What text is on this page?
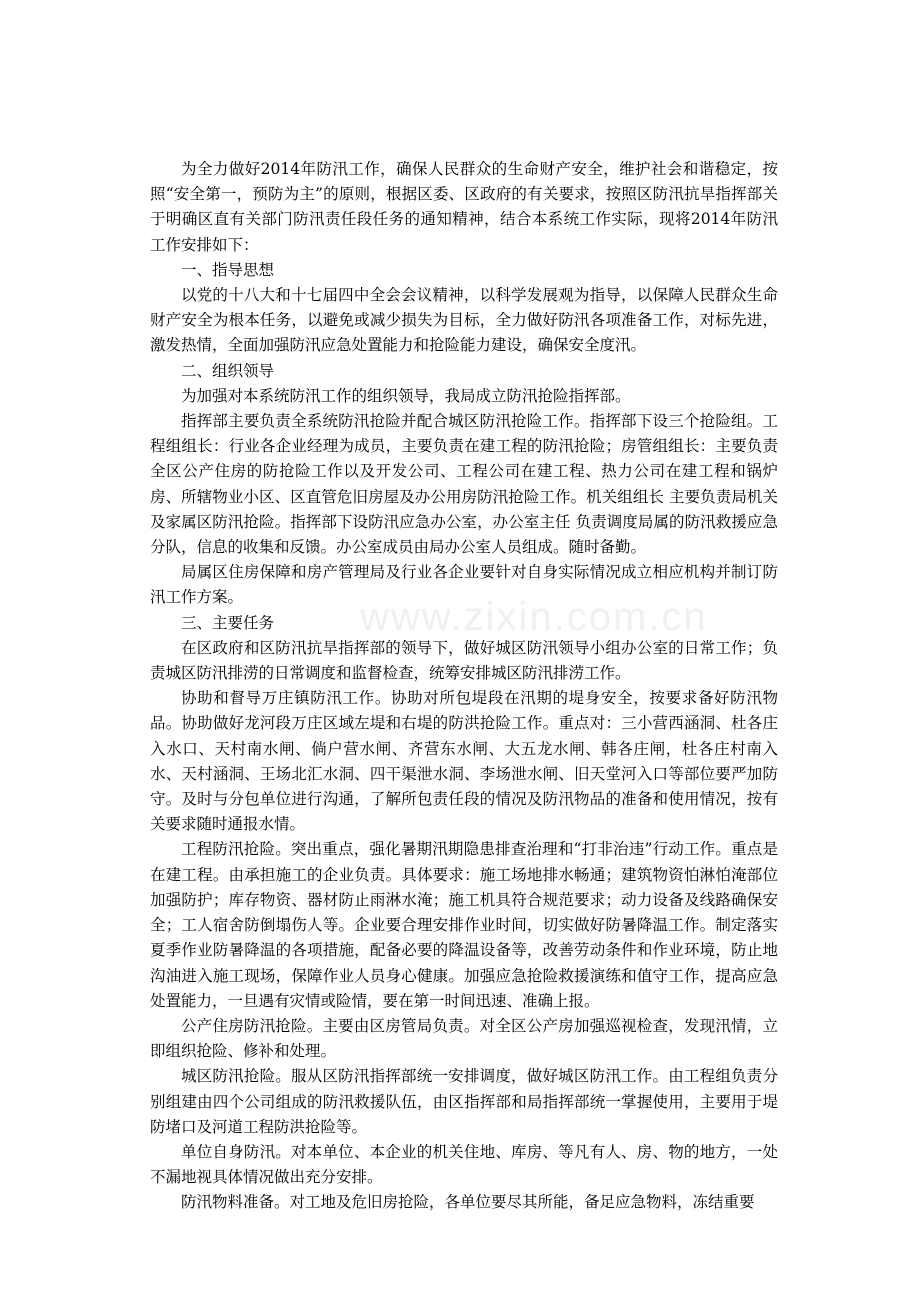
www.zixin.com.cn

为全力做好2014年防汛工作，确保人民群众的生命财产安全，维护社会和谐稳定，按照“安全第一，预防为主”的原则，根据区委、区政府的有关要求，按照区防汛抗旱指挥部关于明确区直有关部门防汛责任段任务的通知精神，结合本系统工作实际，现将2014年防汛工作安排如下：

一、指导思想

以党的十八大和十七届四中全会会议精神，以科学发展观为指导，以保障人民群众生命财产安全为根本任务，以避免或减少损失为目标，全力做好防汛各项准备工作，对标先进，激发热情，全面加强防汛应急处置能力和抢险能力建设，确保安全度汛。

二、组织领导

为加强对本系统防汛工作的组织领导，我局成立防汛抢险指挥部。

指挥部主要负责全系统防汛抢险并配合城区防汛抢险工作。指挥部下设三个抢险组。工程组组长：行业各企业经理为成员，主要负责在建工程的防汛抢险；房管组组长：主要负责全区公产住房的防抢险工作以及开发公司、工程公司在建工程、热力公司在建工程和锅炉房、所辖物业小区、区直管危旧房屋及办公用房防汛抢险工作。机关组组长 主要负责局机关及家属区防汛抢险。指挥部下设防汛应急办公室，办公室主任 负责调度局属的防汛救援应急分队，信息的收集和反馈。办公室成员由局办公室人员组成。随时备勤。

局属区住房保障和房产管理局及行业各企业要针对自身实际情况成立相应机构并制订防汛工作方案。

三、主要任务

在区政府和区防汛抗旱指挥部的领导下，做好城区防汛领导小组办公室的日常工作；负责城区防汛排涝的日常调度和监督检查，统筹安排城区防汛排涝工作。

协助和督导万庄镇防汛工作。协助对所包堤段在汛期的堤身安全，按要求备好防汛物品。协助做好龙河段万庄区域左堤和右堤的防洪抢险工作。重点对：三小营西涵洞、杜各庄入水口、天村南水闸、倘户营水闸、齐营东水闸、大五龙水闸、韩各庄闸，杜各庄村南入水、天村涵洞、王场北汇水洞、四干渠泄水洞、李场泄水闸、旧天堂河入口等部位要严加防守。及时与分包单位进行沟通，了解所包责任段的情况及防汛物品的准备和使用情况，按有关要求随时通报水情。

工程防汛抢险。突出重点，强化暑期汛期隐患排查治理和“打非治违”行动工作。重点是在建工程。由承担施工的企业负责。具体要求：施工场地排水畅通；建筑物资怕淋怕淹部位加强防护；库存物资、器材防止雨淋水淹；施工机具符合规范要求；动力设备及线路确保安全；工人宿舍防倒塌伤人等。企业要合理安排作业时间，切实做好防暑降温工作。制定落实夏季作业防暑降温的各项措施，配备必要的降温设备等，改善劳动条件和作业环境，防止地沟油进入施工现场，保障作业人员身心健康。加强应急抢险救援演练和值守工作，提高应急处置能力，一旦遇有灾情或险情，要在第一时间迅速、准确上报。

公产住房防汛抢险。主要由区房管局负责。对全区公产房加强巡视检查，发现汛情，立即组织抢险、修补和处理。

城区防汛抢险。服从区防汛指挥部统一安排调度，做好城区防汛工作。由工程组负责分别组建由四个公司组成的防汛救援队伍，由区指挥部和局指挥部统一掌握使用，主要用于堤防堵口及河道工程防洪抢险等。

单位自身防汛。对本单位、本企业的机关住地、库房、等凡有人、房、物的地方，一处不漏地视具体情况做出充分安排。

防汛物料准备。对工地及危旧房抢险，各单位要尽其所能，备足应急物料，冻结重要
